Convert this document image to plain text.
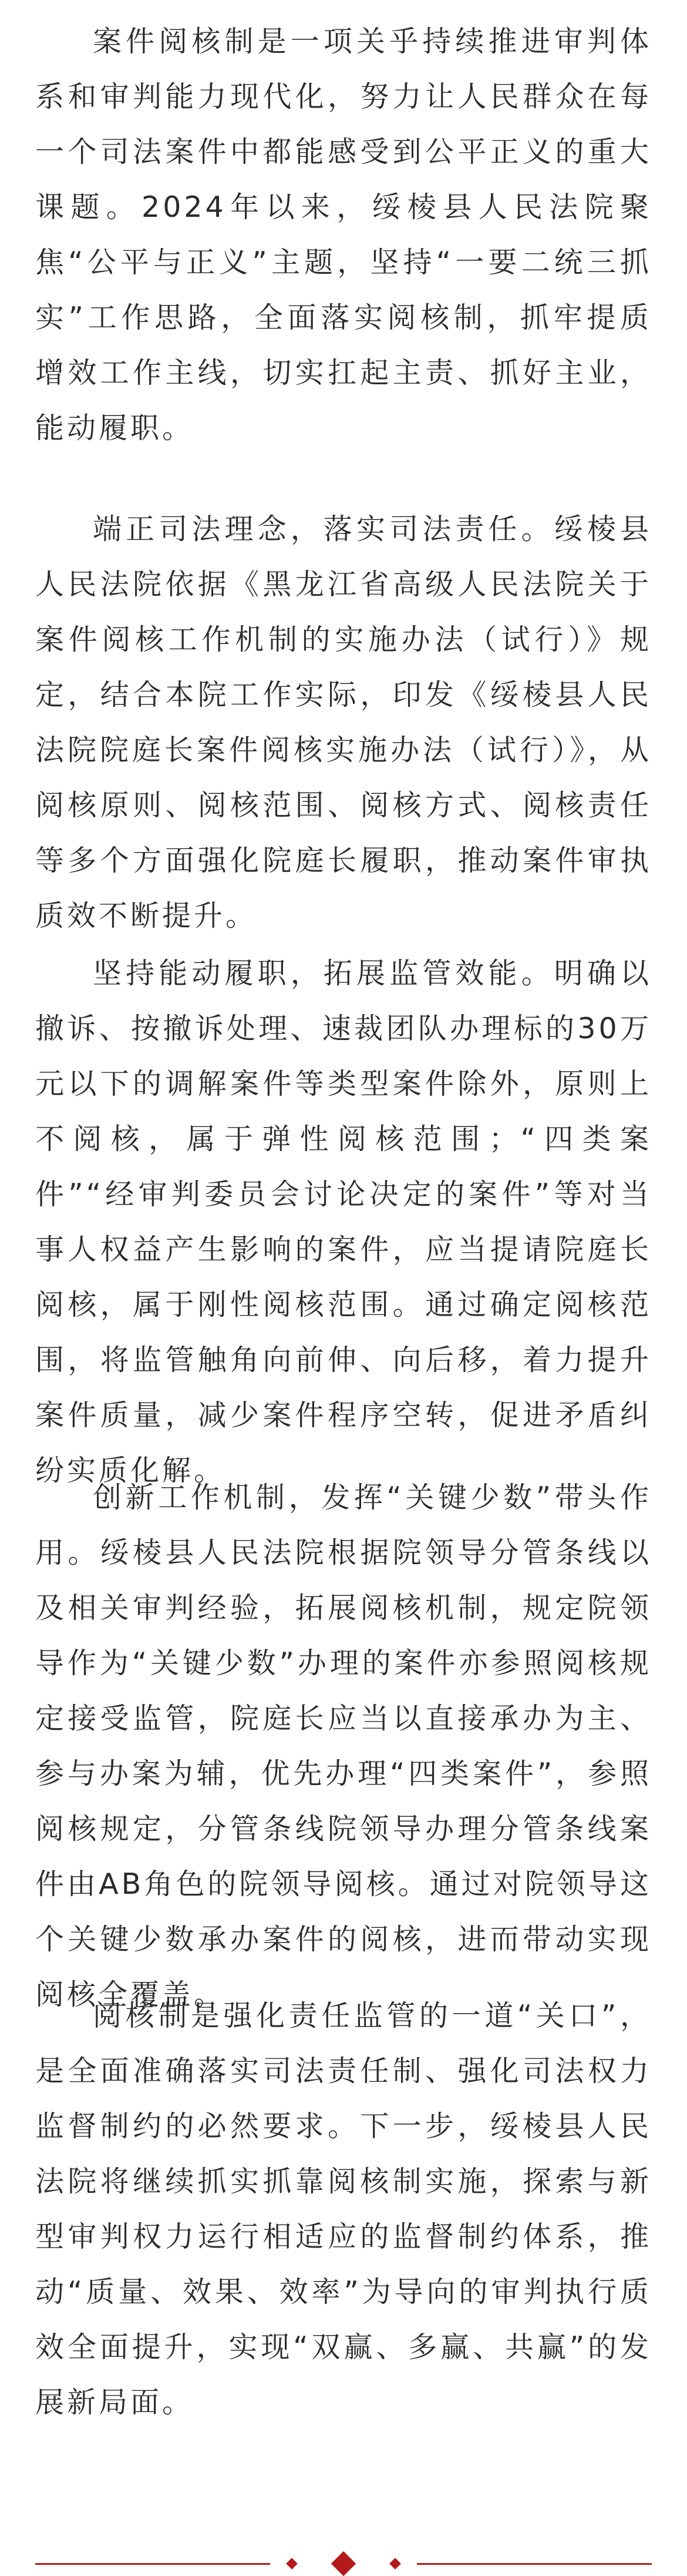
案件阅核制是一项关乎持续推进审判体系和审判能力现代化，努力让人民群众在每一个司法案件中都能感受到公平正义的重大课题。2024年以来，绥棱县人民法院聚焦“公平与正义”主题，坚持“一要二统三抓实”工作思路，全面落实阅核制，抓牢提质增效工作主线，切实扛起主责、抓好主业，能动履职。

端正司法理念，落实司法责任。绥棱县人民法院依据《黑龙江省高级人民法院关于案件阅核工作机制的实施办法（试行）》规定，结合本院工作实际，印发《绥棱县人民法院院庭长案件阅核实施办法（试行）》，从阅核原则、阅核范围、阅核方式、阅核责任等多个方面强化院庭长履职，推动案件审执质效不断提升。

坚持能动履职，拓展监管效能。明确以撤诉、按撤诉处理、速裁团队办理标的30万元以下的调解案件等类型案件除外，原则上不阅核，属于弹性阅核范围；“四类案件”“经审判委员会讨论决定的案件”等对当事人权益产生影响的案件，应当提请院庭长阅核，属于刚性阅核范围。通过确定阅核范围，将监管触角向前伸、向后移，着力提升案件质量，减少案件程序空转，促进矛盾纠纷实质化解。

创新工作机制，发挥“关键少数”带头作用。绥棱县人民法院根据院领导分管条线以及相关审判经验，拓展阅核机制，规定院领导作为“关键少数”办理的案件亦参照阅核规定接受监管，院庭长应当以直接承办为主、参与办案为辅，优先办理“四类案件”，参照阅核规定，分管条线院领导办理分管条线案件由AB角色的院领导阅核。通过对院领导这个关键少数承办案件的阅核，进而带动实现阅核全覆盖。

阅核制是强化责任监管的一道“关口”，是全面准确落实司法责任制、强化司法权力监督制约的必然要求。下一步，绥棱县人民法院将继续抓实抓靠阅核制实施，探索与新型审判权力运行相适应的监督制约体系，推动“质量、效果、效率”为导向的审判执行质效全面提升，实现“双赢、多赢、共赢”的发展新局面。
